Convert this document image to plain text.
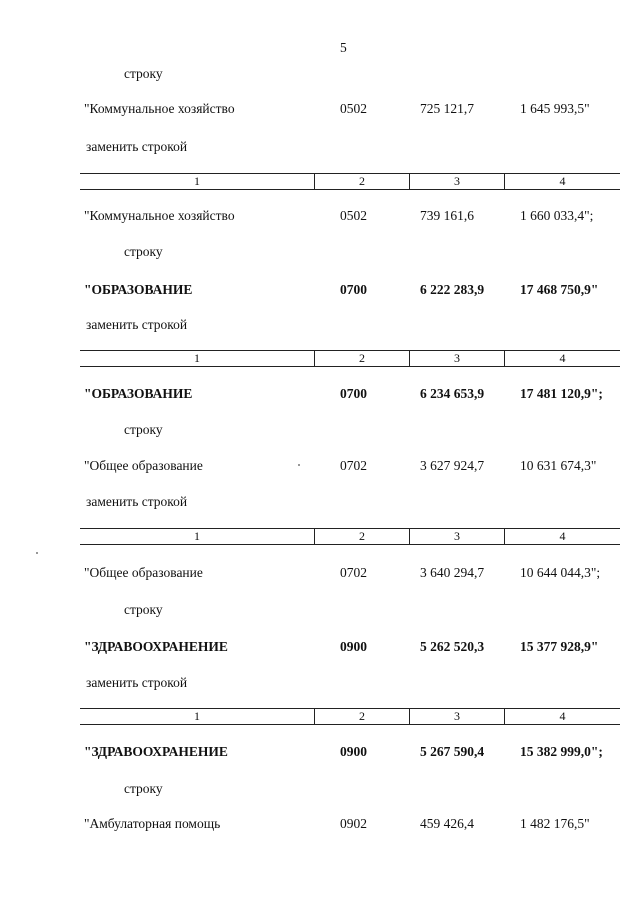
5
строку
"Коммунальное хозяйство	0502	725 121,7	1 645 993,5"
заменить строкой
1	2	3	4
"Коммунальное хозяйство	0502	739 161,6	1 660 033,4";
строку
"ОБРАЗОВАНИЕ	0700	6 222 283,9	17 468 750,9"
заменить строкой
1	2	3	4
"ОБРАЗОВАНИЕ	0700	6 234 653,9	17 481 120,9";
строку
"Общее образование	0702	3 627 924,7	10 631 674,3"
заменить строкой
1	2	3	4
"Общее образование	0702	3 640 294,7	10 644 044,3";
строку
"ЗДРАВООХРАНЕНИЕ	0900	5 262 520,3	15 377 928,9"
заменить строкой
1	2	3	4
"ЗДРАВООХРАНЕНИЕ	0900	5 267 590,4	15 382 999,0";
строку
"Амбулаторная помощь	0902	459 426,4	1 482 176,5"
